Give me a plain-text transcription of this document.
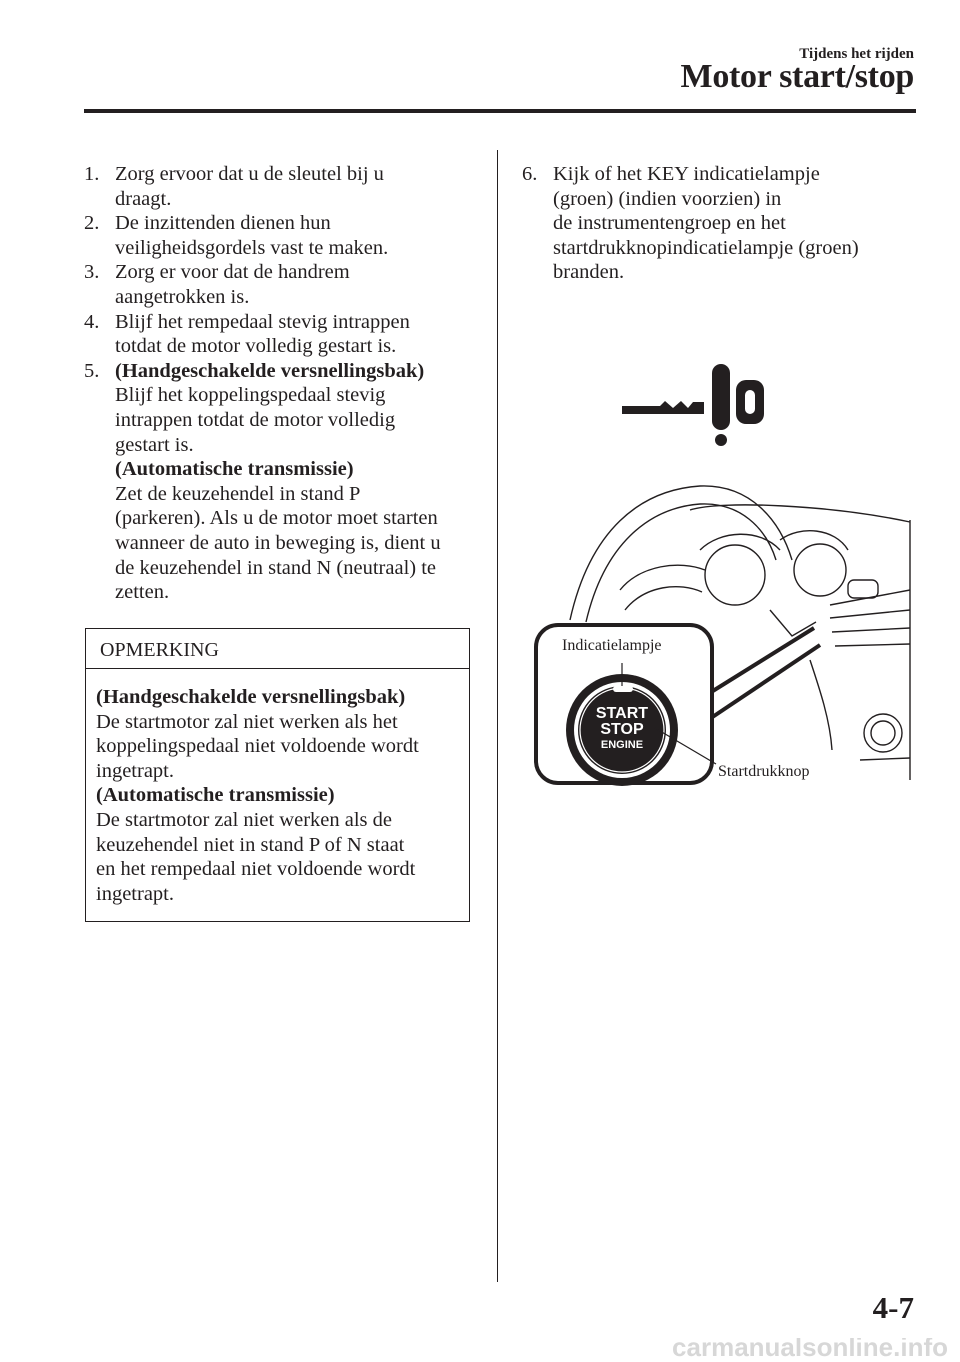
Tijdens het rijden
Motor start/stop
1. Zorg ervoor dat u de sleutel bij u
draagt.
2. De inzittenden dienen hun
veiligheidsgordels vast te maken.
3. Zorg er voor dat de handrem
aangetrokken is.
4. Blijf het rempedaal stevig intrappen
totdat de motor volledig gestart is.
5. (Handgeschakelde versnellingsbak)
Blijf het koppelingspedaal stevig
intrappen totdat de motor volledig
gestart is.
(Automatische transmissie)
Zet de keuzehendel in stand P
(parkeren). Als u de motor moet starten
wanneer de auto in beweging is, dient u
de keuzehendel in stand N (neutraal) te
zetten.
OPMERKING
(Handgeschakelde versnellingsbak)
De startmotor zal niet werken als het
koppelingspedaal niet voldoende wordt
ingetrapt.
(Automatische transmissie)
De startmotor zal niet werken als de
keuzehendel niet in stand P of N staat
en het rempedaal niet voldoende wordt
ingetrapt.
6. Kijk of het KEY indicatielampje
(groen) (indien voorzien) in
de instrumentengroep en het
startdrukknopindicatielampje (groen)
branden.
START
STOP
ENGINE
Indicatielampje
Startdrukknop
4-7
carmanualsonline.info
